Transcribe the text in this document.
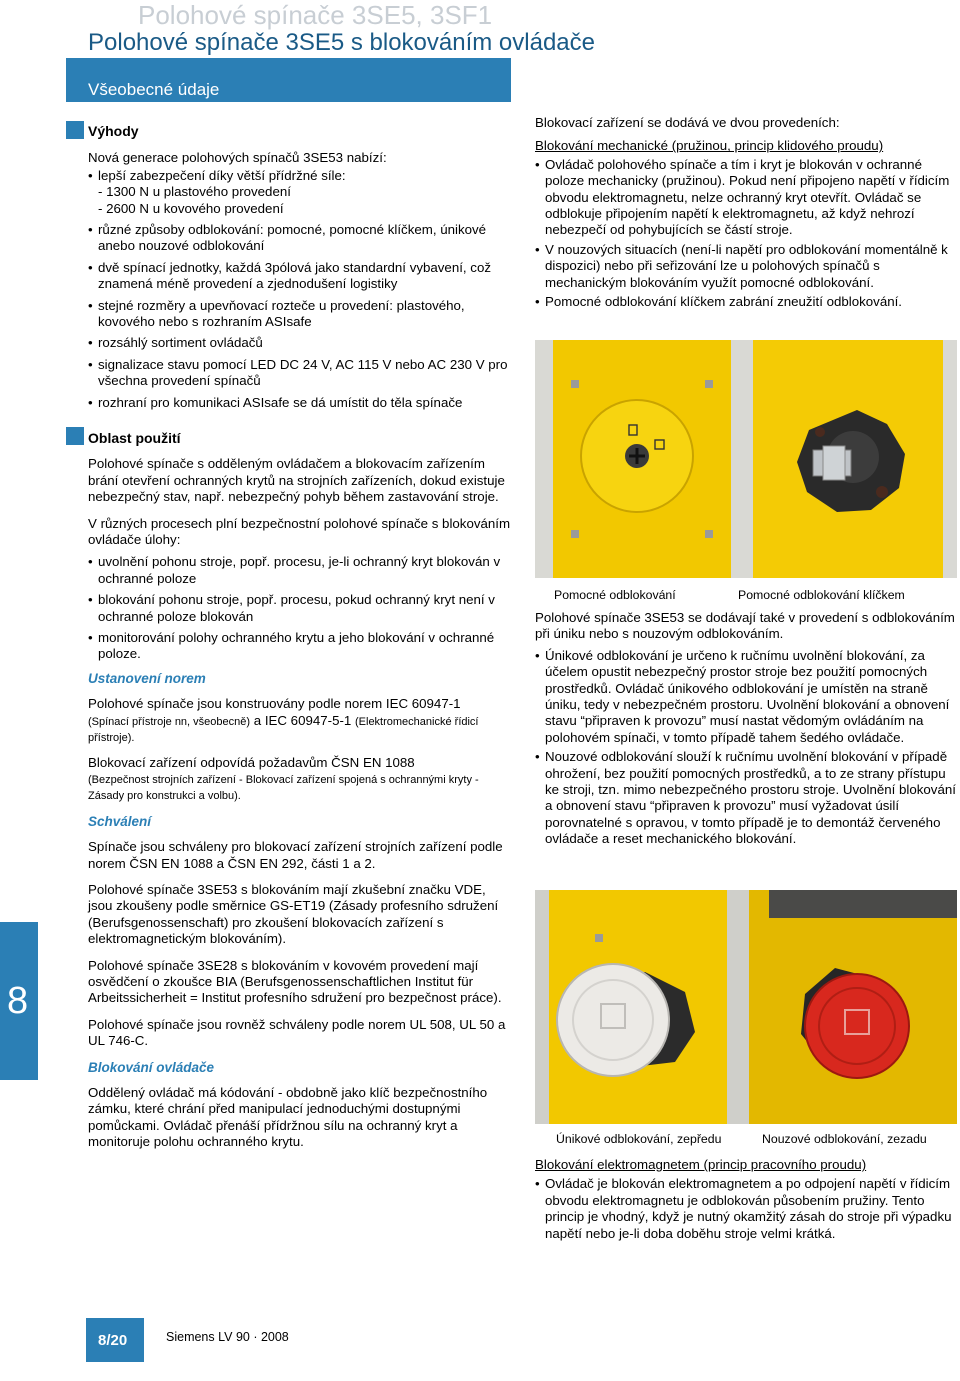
Polohové spínače 3SE5, 3SF1
Polohové spínače 3SE5 s blokováním ovládače
Všeobecné údaje
8

Výhody

Nová generace polohových spínačů 3SE53 nabízí:

• lepší zabezpečení díky větší přídržné síle:
- 1300 N u plastového provedení
- 2600 N u kovového provedení
• různé způsoby odblokování: pomocné, pomocné klíčkem, únikové anebo nouzové odblokování
• dvě spínací jednotky, každá 3pólová jako standardní vybavení, což znamená méně provedení a zjednodušení logistiky
• stejné rozměry a upevňovací rozteče u provedení: plastového, kovového nebo s rozhraním ASIsafe
• rozsáhlý sortiment ovládačů
• signalizace stavu pomocí LED DC 24 V, AC 115 V nebo AC 230 V pro všechna provedení spínačů
• rozhraní pro komunikaci ASIsafe se dá umístit do těla spínače

Oblast použití

Polohové spínače s odděleným ovládačem a blokovacím zařízením brání otevření ochranných krytů na strojních zařízeních, dokud existuje nebezpečný stav, např. nebezpečný pohyb během zastavování stroje.

V různých procesech plní bezpečnostní polohové spínače s blokováním ovládače úlohy:

• uvolnění pohonu stroje, popř. procesu, je-li ochranný kryt blokován v ochranné poloze
• blokování pohonu stroje, popř. procesu, pokud ochranný kryt není v ochranné poloze blokován
• monitorování polohy ochranného krytu a jeho blokování v ochranné poloze.

Ustanovení norem

Polohové spínače jsou konstruovány podle norem IEC 60947-1
(Spínací přístroje nn, všeobecně) a IEC 60947-5-1 (Elektromechanické řídicí přístroje).

Blokovací zařízení odpovídá požadavům ČSN EN 1088
(Bezpečnost strojních zařízení - Blokovací zařízení spojená s ochrannými kryty - Zásady pro konstrukci a volbu).

Schválení

Spínače jsou schváleny pro blokovací zařízení strojních zařízení podle norem ČSN EN 1088 a ČSN EN 292, části 1 a 2.

Polohové spínače 3SE53 s blokováním mají zkušební značku VDE, jsou zkoušeny podle směrnice GS-ET19 (Zásady profesního sdružení (Berufsgenossenschaft) pro zkoušení blokovacích zařízení s elektromagnetickým blokováním).

Polohové spínače 3SE28 s blokováním v kovovém provedení mají osvědčení o zkoušce BIA (Berufsgenossenschaftlichen Institut für Arbeitssicherheit = Institut profesního sdružení pro bezpečnost práce).

Polohové spínače jsou rovněž schváleny podle norem UL 508, UL 50 a UL 746-C.

Blokování ovládače

Oddělený ovládač má kódování - obdobně jako klíč bezpečnostního zámku, které chrání před manipulací jednoduchými dostupnými pomůckami. Ovládač přenáší přídržnou sílu na ochranný kryt a monitoruje polohu ochranného krytu.

Blokovací zařízení se dodává ve dvou provedeních:

Blokování mechanické (pružinou, princip klidového proudu)

• Ovládač polohového spínače a tím i kryt je blokován v ochranné poloze mechanicky (pružinou). Pokud není připojeno napětí v řídicím obvodu elektromagnetu, nelze ochranný kryt otevřít. Ovládač se odblokuje připojením napětí k elektromagnetu, až když nehrozí nebezpečí od pohybujících se částí stroje.
• V nouzových situacích (není-li napětí pro odblokování momentálně k dispozici) nebo při seřizování lze u polohových spínačů s mechanickým blokováním využít pomocné odblokování.
• Pomocné odblokování klíčkem zabrání zneužití odblokování.
Pomocné odblokování	Pomocné odblokování klíčkem

Polohové spínače 3SE53 se dodávají také v provedení s odblokováním při úniku nebo s nouzovým odblokováním.

• Únikové odblokování je určeno k ručnímu uvolnění blokování, za účelem opustit nebezpečný prostor stroje bez použití pomocných prostředků. Ovládač únikového odblokování je umístěn na straně úniku, tedy v nebezpečném prostoru. Uvolnění blokování a obnovení stavu “připraven k provozu” musí nastat vědomým ovládáním na polohovém spínači, v tomto případě tahem šedého ovládače.
• Nouzové odblokování slouží k ručnímu uvolnění blokování v případě ohrožení, bez použití pomocných prostředků, a to ze strany přístupu ke stroji, tzn. mimo nebezpečného prostoru stroje. Uvolnění blokování a obnovení stavu “připraven k provozu” musí vyžadovat úsilí porovnatelné s opravou, v tomto případě je to demontáž červeného ovládače a reset mechanického blokování.
Únikové odblokování, zepředu	Nouzové odblokování, zezadu

Blokování elektromagnetem (princip pracovního proudu)

• Ovládač je blokován elektromagnetem a po odpojení napětí v řídicím obvodu elektromagnetu je odblokován působením pružiny. Tento princip je vhodný, když je nutný okamžitý zásah do stroje při výpadku napětí nebo je-li doba doběhu stroje velmi krátká.
8/20	Siemens LV 90 · 2008
